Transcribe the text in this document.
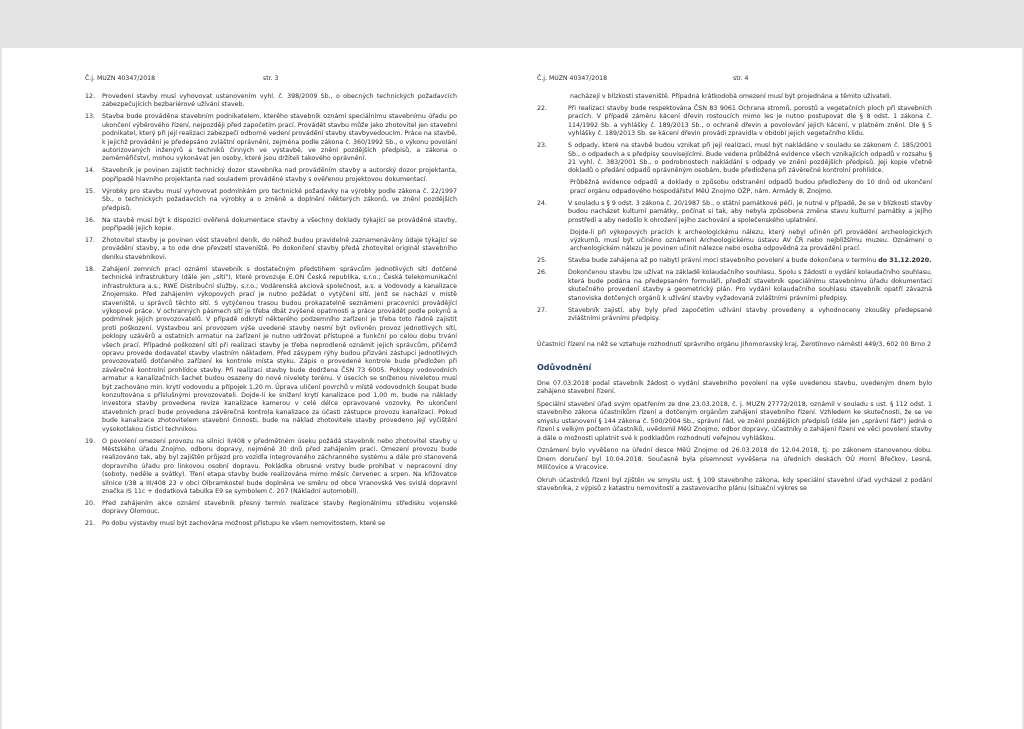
Č.j. MUZN 40347/2018	str. 3
12.	Provedení stavby musí vyhovovat ustanovením vyhl. č. 398/2009 Sb., o obecných technických požadavcích zabezpečujících bezbariérové užívání staveb.
13.	Stavba bude prováděna stavebním podnikatelem, kterého stavebník oznámí speciálnímu stavebnímu úřadu po ukončení výběrového řízení, nejpozději před započetím prací. Provádět stavbu může jako zhotovitel jen stavební podnikatel, který při její realizaci zabezpečí odborné vedení provádění stavby stavbyvedoucím. Práce na stavbě, k jejichž provádění je předepsáno zvláštní oprávnění, zejména podle zákona č. 360/1992 Sb., o výkonu povolání autorizovaných inženýrů a techniků činných ve výstavbě, ve znění pozdějších předpisů, a zákona o zeměměřičství, mohou vykonávat jen osoby, které jsou držiteli takového oprávnění.
14.	Stavebník je povinen zajistit technický dozor stavebníka nad prováděním stavby a autorský dozor projektanta, popřípadě hlavního projektanta nad souladem prováděné stavby s ověřenou projektovou dokumentací.
15.	Výrobky pro stavbu musí vyhovovat podmínkám pro technické požadavky na výrobky podle zákona č. 22/1997 Sb., o technických požadavcích na výrobky a o změně a doplnění některých zákonů, ve znění pozdějších předpisů.
16.	Na stavbě musí být k dispozici ověřená dokumentace stavby a všechny doklady týkající se prováděné stavby, popřípadě jejich kopie.
17.	Zhotovitel stavby je povinen vést stavební deník, do něhož budou pravidelně zaznamenávány údaje týkající se provádění stavby, a to ode dne převzetí staveniště. Po dokončení stavby předá zhotovitel originál stavebního deníku stavebníkovi.
18.	Zahájení zemních prací oznámí stavebník s dostatečným předstihem správcům jednotlivých sítí dotčené technické infrastruktury (dále jen „sítí"), které provozuje E.ON Česká republika, s.r.o.; Česká telekomunikační infrastruktura a.s.; RWE Distribuční služby, s.r.o.; Vodárenská akciová společnost, a.s. a Vodovody a kanalizace Znojemsko. Před zahájením výkopových prací je nutno požádat o vytýčení sítí, jenž se nachází v místě staveniště, u správců těchto sítí. S vytýčenou trasou budou prokazatelně seznámeni pracovníci provádějící výkopové práce. V ochranných pásmech sítí je třeba dbát zvýšené opatrnosti a práce provádět podle pokynů a podmínek jejich provozovatelů. V případě odkrytí některého podzemního zařízení je třeba toto řádně zajistit proti poškození. Výstavbou ani provozem výše uvedené stavby nesmí být ovlivněn provoz jednotlivých sítí, poklopy uzávěrů a ostatních armatur na zařízení je nutno udržovat přístupné a funkční po celou dobu trvání všech prací. Případné poškození sítí při realizaci stavby je třeba neprodleně oznámit jejich správcům, přičemž opravu provede dodavatel stavby vlastním nákladem. Před zásypem rýhy budou přizváni zástupci jednotlivých provozovatelů dotčeného zařízení ke kontrole místa styku. Zápis o provedené kontrole bude předložen při závěrečné kontrolní prohlídce stavby. Při realizaci stavby bude dodržena ČSN 73 6005. Poklopy vodovodních armatur a kanalizačních šachet budou osazeny do nové nivelety terénu. V úsecích se sníženou niveletou musí být zachováno min. krytí vodovodu a přípojek 1,20 m. Úprava uličení povrchů v místě vodovodních šoupat bude konzultována s příslušnými provozovateli. Dojde-li ke snížení krytí kanalizace pod 1,00 m, bude na náklady investora stavby provedena revize kanalizace kamerou v celé délce opravované vozovky. Po ukončení stavebních prací bude provedena závěrečná kontrola kanalizace za účasti zástupce provozu kanalizací. Pokud bude kanalizace zhotovitelem stavební činnosti, bude na náklad zhotovitele stavby provedeno její vyčištění vysokotlakou čisticí technikou.
19.	O povolení omezení provozu na silnici II/408 v předmětném úseku požádá stavebník nebo zhotovitel stavby u Městského úřadu Znojmo, odboru dopravy, nejméně 30 dnů před zahájením prací. Omezení provozu bude realizováno tak, aby byl zajištěn průjezd pro vozidla integrovaného záchranného systému a dále pro stanovená dopravního úřadu pro linkovou osobní dopravu. Pokládka obrusné vrstvy bude prohíbat v nepracovní dny (soboty, neděle a svátky). Tření etapa stavby bude realizována mimo měsíc červenec a srpen. Na křižovatce silnice I/38 a III/408 23 v obci Olbramkostel bude doplněna ve směru od obce Vranovská Ves svislá dopravní značka IS 11c + dodatková tabulka E9 se symbolem č. 207 (Nákladní automobil).
20.	Před zahájením akce oznámí stavebník přesný termín realizace stavby Regionálnímu středisku vojenské dopravy Olomouc.
21.	Po dobu výstavby musí být zachována možnost přístupu ke všem nemovitostem, které se
Č.j. MUZN 40347/2018	str. 4
nacházejí v blízkosti staveniště. Případná krátkodobá omezení musí být projednána a těmito uživateli.
22.	Při realizaci stavby bude respektována ČSN 83 9061 Ochrana stromů, porostů a vegetačních ploch při stavebních pracích. V případě záměru kácení dřevin rostoucích mimo les je nutno postupovat dle § 8 odst. 1 zákona č. 114/1992 Sb. a vyhlášky č. 189/2013 Sb., o ochraně dřevin a povolování jejich kácení, v platném znění. Dle § 5 vyhlášky č. 189/2013 Sb. se kácení dřevin provádí zpravidla v období jejich vegetačního klidu.
23.	S odpady, které na stavbě budou vznikat při její realizaci, musí být nakládáno v souladu se zákonem č. 185/2001 Sb., o odpadech a s předpisy souvisejícími. Bude vedena průběžná evidence všech vznikajících odpadů v rozsahu § 21 vyhl. č. 383/2001 Sb., o podrobnostech nakládání s odpady ve znění pozdějších předpisů. Jeji kopie včetně dokladů o předání odpadů oprávněným osobám, bude předložena při závěrečné kontrolní prohlídce.
Průběžná evidence odpadů a doklady o způsobu odstranění odpadů budou předloženy do 10 dnů od ukončení prací orgánu odpadového hospodářství MěÚ Znojmo OŽP, nám. Armády 8, Znojmo.
24.	V souladu s § 9 odst. 3 zákona č. 20/1987 Sb., o státní památkové péči, je nutné v případě, že se v blízkosti stavby budou nacházet kulturní památky, počínat si tak, aby nebyla způsobena změna stavu kulturní památky a jejího prostředí a aby nedošlo k ohrožení jejího zachování a společenského uplatnění.
Dojde-li při výkopových pracích k archeologickému nálezu, který nebyl učiněn při provádění archeologických výzkumů, musí být učiněno oznámení Archeologickému ústavu AV ČR nebo nejbližšímu muzeu. Oznámení o archeologickém nálezu je povinen učinit nálezce nebo osoba odpovědná za provádění prací.
25.	Stavba bude zahájena až po nabytí právní moci stavebního povolení a bude dokončena v termínu do 31.12.2020.
26.	Dokončenou stavbu lze užívat na základě kolaudačního souhlasu. Spolu s žádostí o vydání kolaudačního souhlasu, která bude podána na předepsaném formuláři, předloží stavebník speciálnímu stavebnímu úřadu dokumentaci skutečného provedení stavby a geometrický plán. Pro vydání kolaudačního souhlasu stavebník opatří závazná stanoviska dotčených orgánů k užívání stavby vyžadovaná zvláštními právními předpisy.
27.	Stavebník zajistí, aby byly před započetím užívání stavby provedeny a vyhodnoceny zkoušky předepsané zvláštními právními předpisy.
Účastníci řízení na něž se vztahuje rozhodnutí správního orgánu Jihomoravský kraj, Žerotínovo náměstí 449/3, 602 00 Brno 2
Odůvodnění
Dne 07.03.2018 podal stavebník žádost o vydání stavebního povolení na výše uvedenou stavbu, uvedeným dnem bylo zahájeno stavební řízení.
Speciální stavební úřad svým opatřením ze dne 23.03.2018, č. j. MUZN 27772/2018, oznámil v souladu s ust. § 112 odst. 1 stavebního zákona účastníkům řízení a dotčeným orgánům zahájení stavebního řízení. Vzhledem ke skutečnosti, že se ve smyslu ustanovení § 144 zákona č. 500/2004 Sb., správní řád, ve znění pozdějších předpisů (dále jen „správní řád") jedná o řízení s velkým počtem účastníků, uvědomil MěÚ Znojmo, odbor dopravy, účastníky o zahájení řízení ve věci povolení stavby a dále o možnosti uplatnit své k podkladům rozhodnutí veřejnou vyhláškou.
Oznámení bylo vyvěšeno na úřední desce MěÚ Znojmo od 26.03.2018 do 12.04.2018, tj. po zákonem stanovenou dobu. Dnem doručení byl 10.04.2018. Současně byla písemnost vyvěšena na úředních deskách OÚ Horní Břečkov, Lesná, Milíčovice a Vracovice.
Okruh účastníků řízení byl zjištěn ve smyslu ust. § 109 stavebního zákona, kdy speciální stavební úřad vycházel z podání stavebníka, z výpisů z katastru nemovitostí a zastavovacího plánu (situační výkres se
